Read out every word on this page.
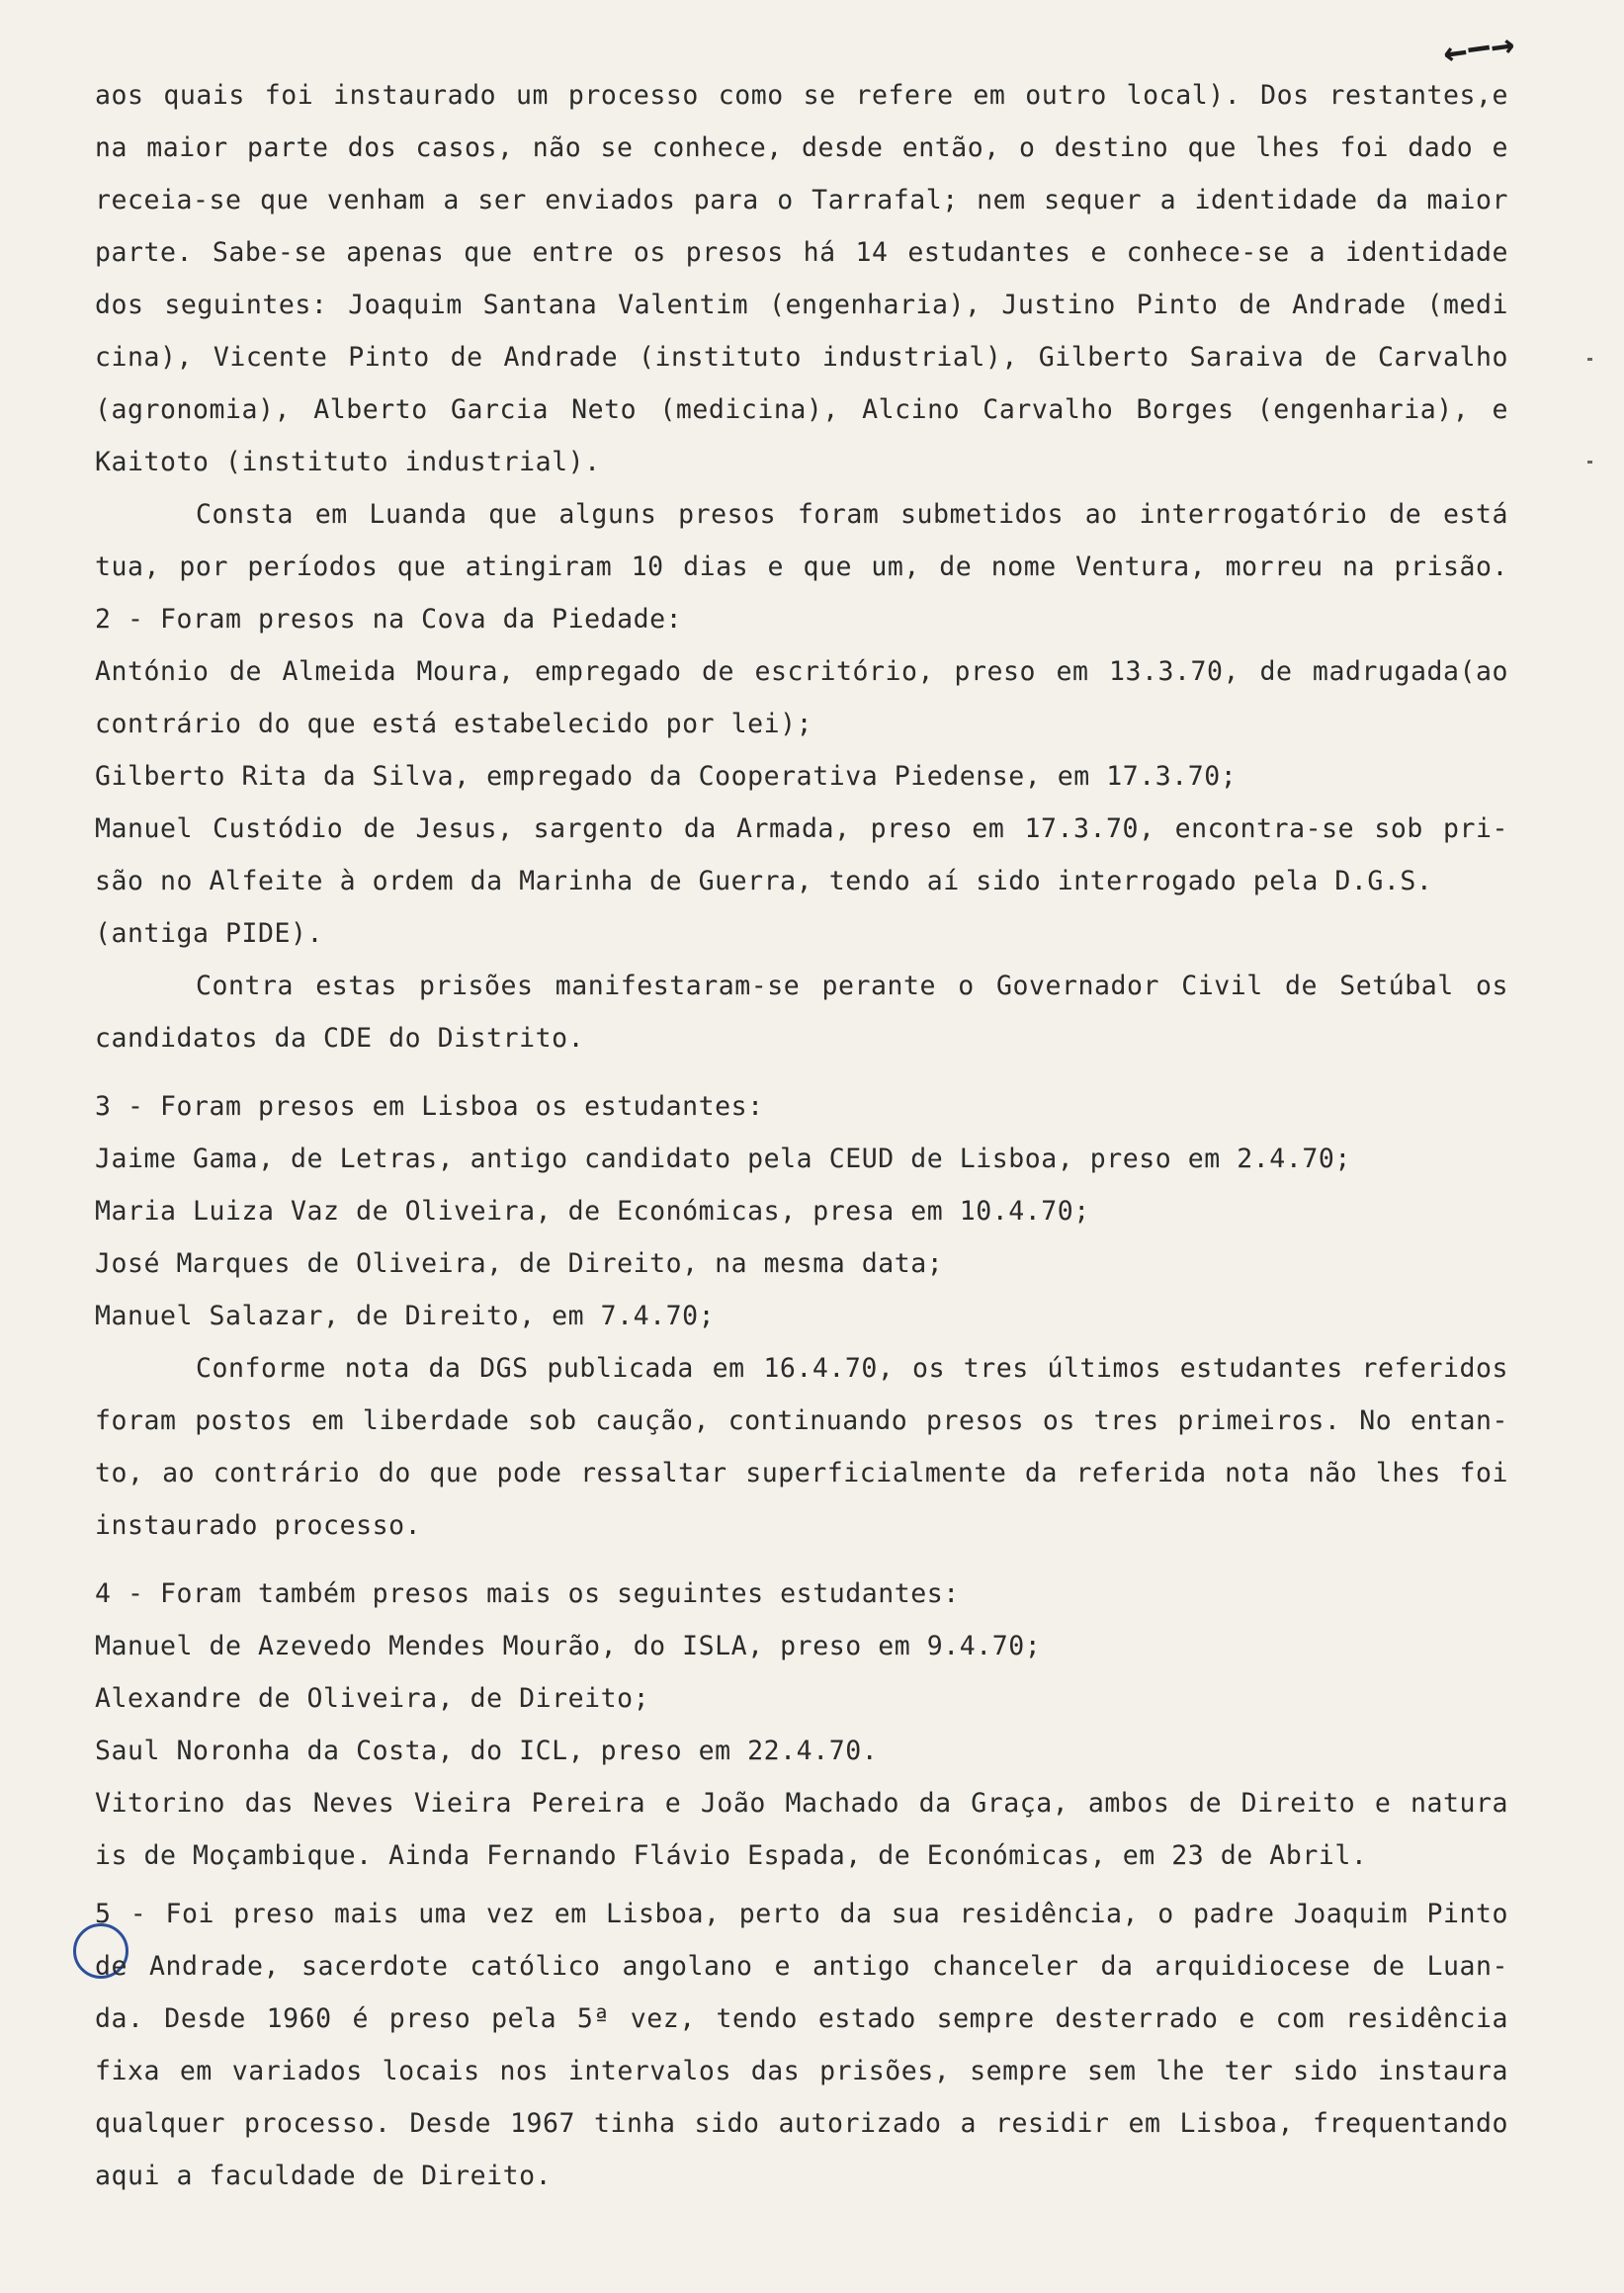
←−→
aos quais foi instaurado um processo como se refere em outro local). Dos restantes,e
na maior parte dos casos, não se conhece, desde então, o destino que lhes foi dado e
receia-se que venham a ser enviados para o Tarrafal; nem sequer a identidade da maior
parte. Sabe-se apenas que entre os presos há 14 estudantes e conhece-se a identidade
dos seguintes: Joaquim Santana Valentim (engenharia), Justino Pinto de Andrade (medi
cina), Vicente Pinto de Andrade (instituto industrial), Gilberto Saraiva de Carvalho
(agronomia), Alberto Garcia Neto (medicina), Alcino Carvalho Borges (engenharia), e
Kaitoto (instituto industrial).
Consta em Luanda que alguns presos foram submetidos ao interrogatório de está
tua, por períodos que atingiram 10 dias e que um, de nome Ventura, morreu na prisão.
2 - Foram presos na Cova da Piedade:
António de Almeida Moura, empregado de escritório, preso em 13.3.70, de madrugada(ao
contrário do que está estabelecido por lei);
Gilberto Rita da Silva, empregado da Cooperativa Piedense, em 17.3.70;
Manuel Custódio de Jesus, sargento da Armada, preso em 17.3.70, encontra-se sob pri-
são no Alfeite à ordem da Marinha de Guerra, tendo aí sido interrogado pela D.G.S.
(antiga PIDE).
Contra estas prisões manifestaram-se perante o Governador Civil de Setúbal os
candidatos da CDE do Distrito.
3 - Foram presos em Lisboa os estudantes:
Jaime Gama, de Letras, antigo candidato pela CEUD de Lisboa, preso em 2.4.70;
Maria Luiza Vaz de Oliveira, de Económicas, presa em 10.4.70;
José Marques de Oliveira, de Direito, na mesma data;
Manuel Salazar, de Direito, em 7.4.70;
Conforme nota da DGS publicada em 16.4.70, os tres últimos estudantes referidos
foram postos em liberdade sob caução, continuando presos os tres primeiros. No entan-
to, ao contrário do que pode ressaltar superficialmente da referida nota não lhes foi
instaurado processo.
4 - Foram também presos mais os seguintes estudantes:
Manuel de Azevedo Mendes Mourão, do ISLA, preso em 9.4.70;
Alexandre de Oliveira, de Direito;
Saul Noronha da Costa, do ICL, preso em 22.4.70.
Vitorino das Neves Vieira Pereira e João Machado da Graça, ambos de Direito e natura
is de Moçambique. Ainda Fernando Flávio Espada, de Económicas, em 23 de Abril.
5 - Foi preso mais uma vez em Lisboa, perto da sua residência, o padre Joaquim Pinto
de Andrade, sacerdote católico angolano e antigo chanceler da arquidiocese de Luan-
da. Desde 1960 é preso pela 5ª vez, tendo estado sempre desterrado e com residência
fixa em variados locais nos intervalos das prisões, sempre sem lhe ter sido instaura
qualquer processo. Desde 1967 tinha sido autorizado a residir em Lisboa, frequentando
aqui a faculdade de Direito.
